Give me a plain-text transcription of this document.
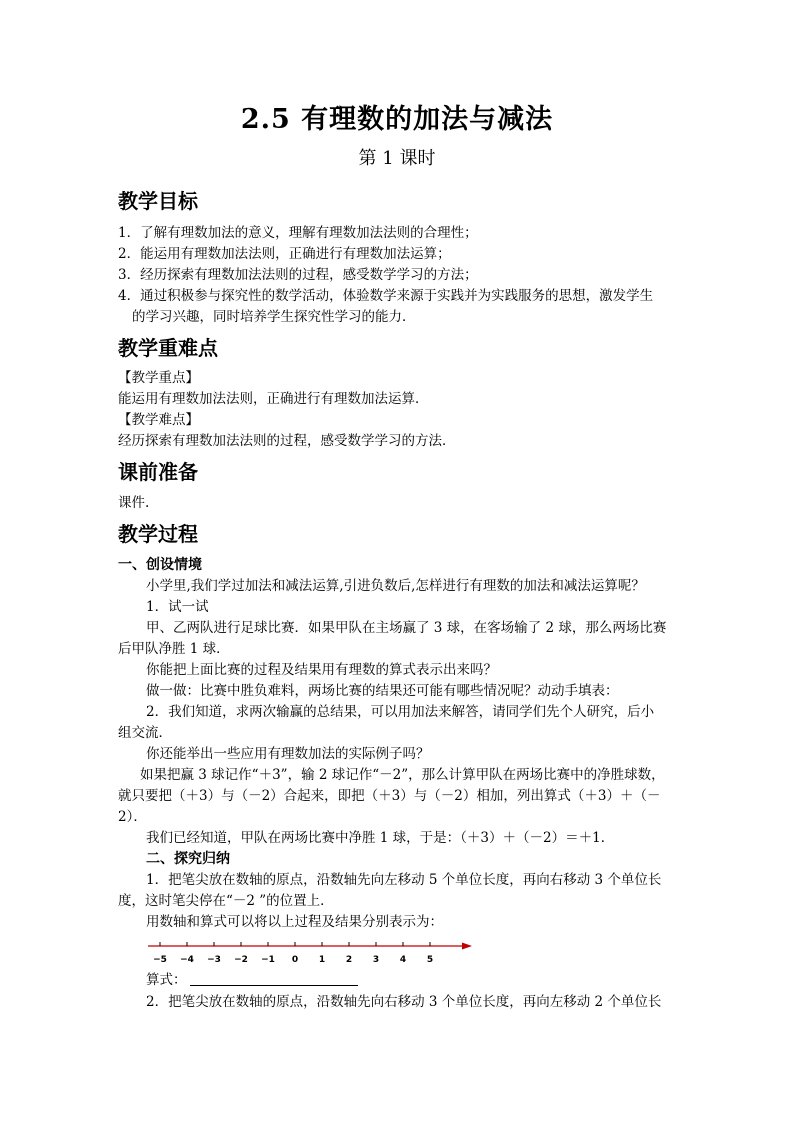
2.5 有理数的加法与减法
第 1 课时
教学目标
1．了解有理数加法的意义，理解有理数加法法则的合理性；
2．能运用有理数加法法则，正确进行有理数加法运算；
3．经历探索有理数加法法则的过程，感受数学学习的方法；
4．通过积极参与探究性的数学活动，体验数学来源于实践并为实践服务的思想，激发学生
的学习兴趣，同时培养学生探究性学习的能力．
教学重难点
【教学重点】
能运用有理数加法法则，正确进行有理数加法运算．
【教学难点】
经历探索有理数加法法则的过程，感受数学学习的方法．
课前准备
课件.
教学过程
一、创设情境
小学里,我们学过加法和减法运算,引进负数后,怎样进行有理数的加法和减法运算呢？
1．试一试
甲、乙两队进行足球比赛．如果甲队在主场赢了 3 球，在客场输了 2 球，那么两场比赛
后甲队净胜 1 球．
你能把上面比赛的过程及结果用有理数的算式表示出来吗？
做一做：比赛中胜负难料，两场比赛的结果还可能有哪些情况呢？动动手填表：
2．我们知道，求两次输赢的总结果，可以用加法来解答，请同学们先个人研究，后小
组交流．
你还能举出一些应用有理数加法的实际例子吗？
如果把赢 3 球记作“＋3”，输 2 球记作“－2”，那么计算甲队在两场比赛中的净胜球数，
就只要把（＋3）与（－2）合起来，即把（＋3）与（－2）相加，列出算式（＋3）＋（－
2）．
我们已经知道，甲队在两场比赛中净胜 1 球，于是：（＋3）＋（－2）＝＋1．
二、探究归纳
1．把笔尖放在数轴的原点，沿数轴先向左移动 5 个单位长度，再向右移动 3 个单位长
度，这时笔尖停在“－2 ”的位置上．
用数轴和算式可以将以上过程及结果分别表示为：
−5 −4 −3 −2 −1 0 1 2 3 4 5
算式：
2．把笔尖放在数轴的原点，沿数轴先向右移动 3 个单位长度，再向左移动 2 个单位长
